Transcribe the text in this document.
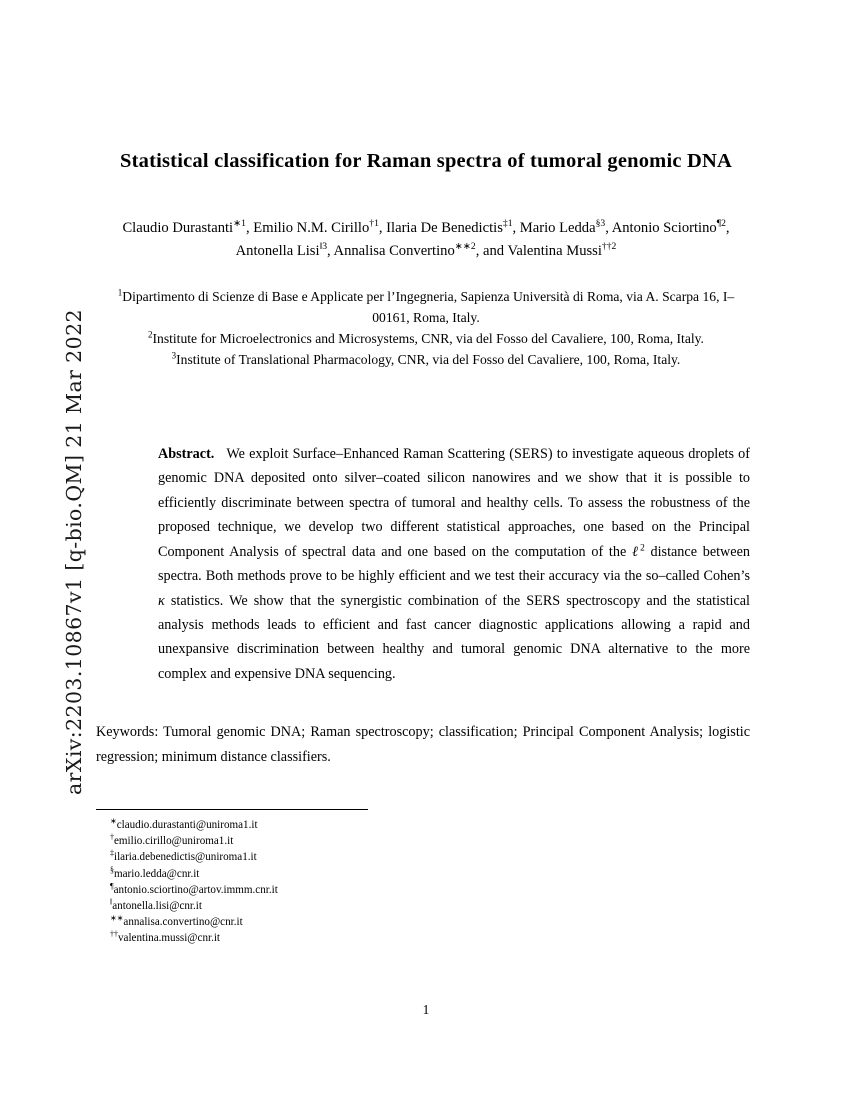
arXiv:2203.10867v1 [q-bio.QM] 21 Mar 2022
Statistical classification for Raman spectra of tumoral genomic DNA
Claudio Durastanti$^{∗1}$, Emilio N.M. Cirillo$^{\dagger 1}$, Ilaria De Benedictis$^{\ddagger 1}$, Mario Ledda$^{\S 3}$, Antonio Sciortino$^{\P 2}$, Antonella Lisi$^{‖3}$, Annalisa Convertino$^{∗∗2}$, and Valentina Mussi$^{\dagger\dagger 2}$
$^1$Dipartimento di Scienze di Base e Applicate per l’Ingegneria, Sapienza Università di Roma, via A. Scarpa 16, I–00161, Roma, Italy.
$^2$Institute for Microelectronics and Microsystems, CNR, via del Fosso del Cavaliere, 100, Roma, Italy.
$^3$Institute of Translational Pharmacology, CNR, via del Fosso del Cavaliere, 100, Roma, Italy.
Abstract. We exploit Surface–Enhanced Raman Scattering (SERS) to investigate aqueous droplets of genomic DNA deposited onto silver–coated silicon nanowires and we show that it is possible to efficiently discriminate between spectra of tumoral and healthy cells. To assess the robustness of the proposed technique, we develop two different statistical approaches, one based on the Principal Component Analysis of spectral data and one based on the computation of the ℓ$^2$ distance between spectra. Both methods prove to be highly efficient and we test their accuracy via the so–called Cohen’s κ statistics. We show that the synergistic combination of the SERS spectroscopy and the statistical analysis methods leads to efficient and fast cancer diagnostic applications allowing a rapid and unexpansive discrimination between healthy and tumoral genomic DNA alternative to the more complex and expensive DNA sequencing.
Keywords: Tumoral genomic DNA; Raman spectroscopy; classification; Principal Component Analysis; logistic regression; minimum distance classifiers.
∗claudio.durastanti@uniroma1.it
†emilio.cirillo@uniroma1.it
‡ilaria.debenedictis@uniroma1.it
§mario.ledda@cnr.it
¶antonio.sciortino@artov.immm.cnr.it
‖antonella.lisi@cnr.it
∗∗annalisa.convertino@cnr.it
††valentina.mussi@cnr.it
1
